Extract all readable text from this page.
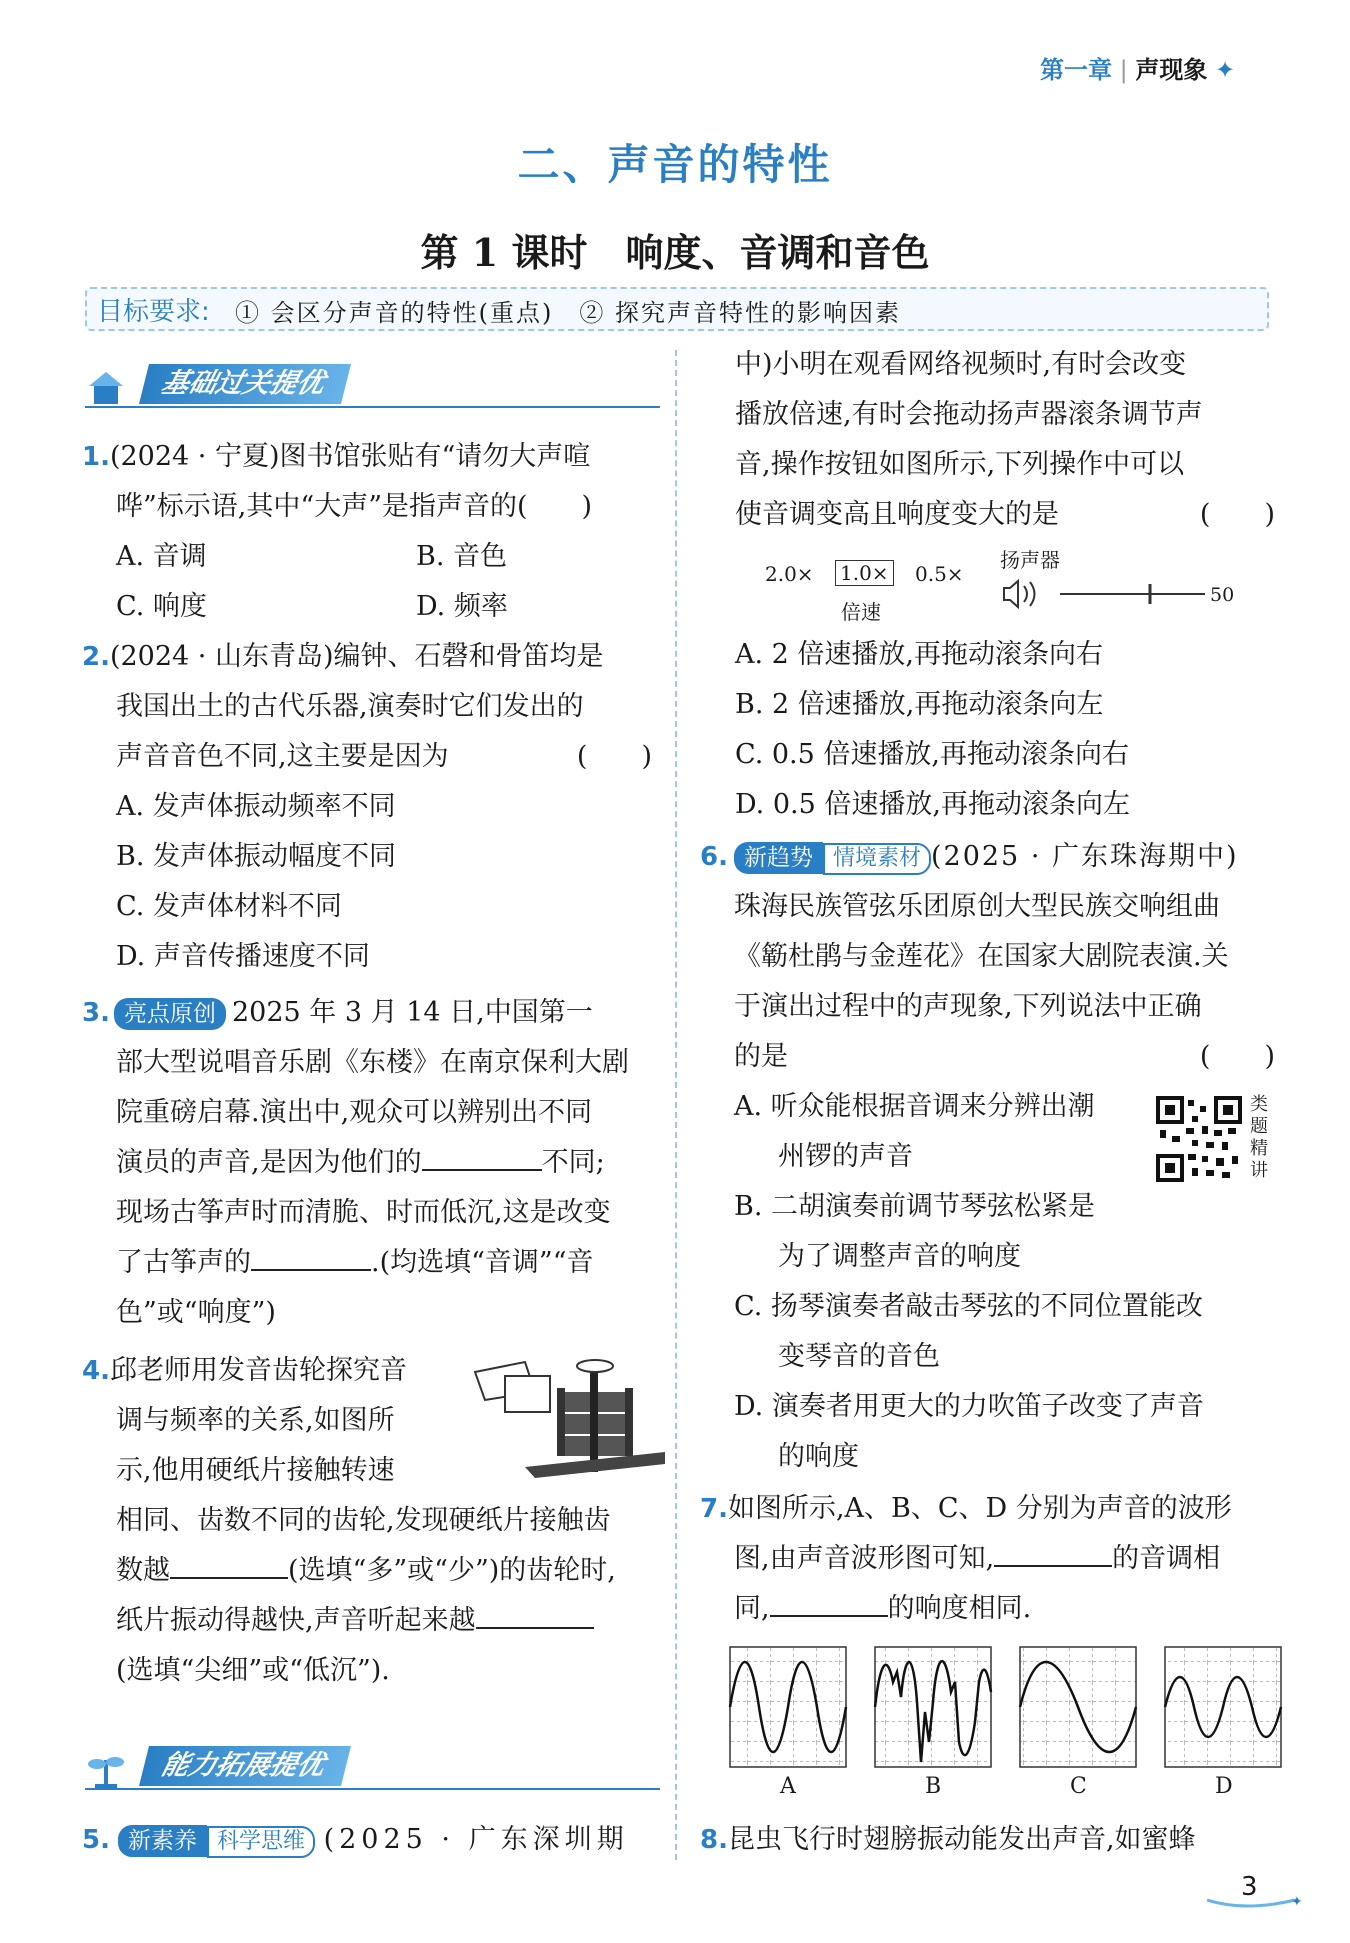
第一章 | 声现象 ✦
二、声音的特性
第 1 课时　响度、音调和音色
目标要求: ① 会区分声音的特性(重点)　② 探究声音特性的影响因素
基础过关提优
1.(2024 · 宁夏)图书馆张贴有“请勿大声喧
哗”标示语,其中“大声”是指声音的(　　)
A. 音调	B. 音色
C. 响度	D. 频率
2.(2024 · 山东青岛)编钟、石磬和骨笛均是
我国出土的古代乐器,演奏时它们发出的
声音音色不同,这主要是因为	(　　)
A. 发声体振动频率不同
B. 发声体振动幅度不同
C. 发声体材料不同
D. 声音传播速度不同
3. 亮点原创 2025 年 3 月 14 日,中国第一
部大型说唱音乐剧《东楼》在南京保利大剧
院重磅启幕.演出中,观众可以辨别出不同
演员的声音,是因为他们的	不同;
现场古筝声时而清脆、时而低沉,这是改变
了古筝声的	.(均选填“音调”“音
色”或“响度”)
4.邱老师用发音齿轮探究音
调与频率的关系,如图所
示,他用硬纸片接触转速
相同、齿数不同的齿轮,发现硬纸片接触齿
数越	(选填“多”或“少”)的齿轮时,
纸片振动得越快,声音听起来越
(选填“尖细”或“低沉”).
能力拓展提优
5. 新素养 科学思维 (2025 · 广东深圳期
中)小明在观看网络视频时,有时会改变
播放倍速,有时会拖动扬声器滚条调节声
音,操作按钮如图所示,下列操作中可以
使音调变高且响度变大的是	(　　)
2.0× 1.0× 0.5×
倍速
扬声器
50
A. 2 倍速播放,再拖动滚条向右
B. 2 倍速播放,再拖动滚条向左
C. 0.5 倍速播放,再拖动滚条向右
D. 0.5 倍速播放,再拖动滚条向左
6. 新趋势 情境素材 (2025 · 广东珠海期中)
珠海民族管弦乐团原创大型民族交响组曲
《簕杜鹃与金莲花》在国家大剧院表演.关
于演出过程中的声现象,下列说法中正确
的是	(　　)
A. 听众能根据音调来分辨出潮
州锣的声音
B. 二胡演奏前调节琴弦松紧是
为了调整声音的响度
C. 扬琴演奏者敲击琴弦的不同位置能改
变琴音的音色
D. 演奏者用更大的力吹笛子改变了声音
的响度
类
题
精
讲
7.如图所示,A、B、C、D 分别为声音的波形
图,由声音波形图可知,	的音调相
同,	的响度相同.
A	B	C	D
8.昆虫飞行时翅膀振动能发出声音,如蜜蜂
✦
3
